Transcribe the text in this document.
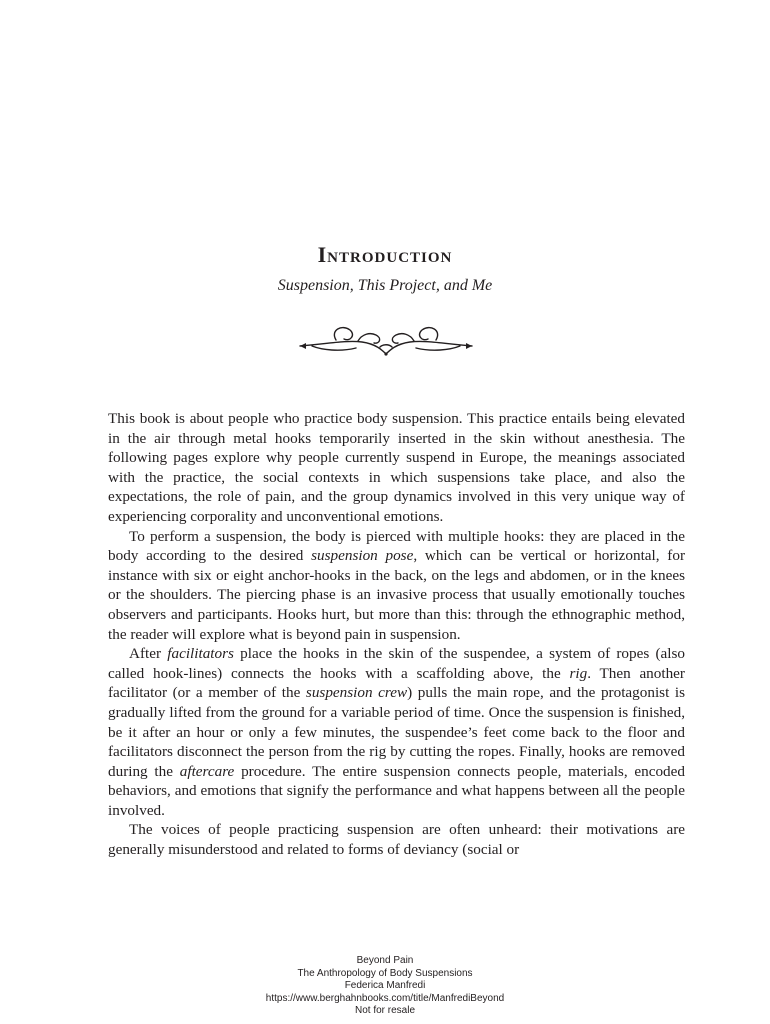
Introduction
Suspension, This Project, and Me

This book is about people who practice body suspension. This practice entails being elevated in the air through metal hooks temporarily inserted in the skin without anesthesia. The following pages explore why people currently suspend in Europe, the meanings associated with the practice, the social contexts in which suspensions take place, and also the expectations, the role of pain, and the group dynamics involved in this very unique way of experiencing corporality and unconventional emotions.

To perform a suspension, the body is pierced with multiple hooks: they are placed in the body according to the desired suspension pose, which can be vertical or horizontal, for instance with six or eight anchor-hooks in the back, on the legs and abdomen, or in the knees or the shoulders. The piercing phase is an invasive process that usually emotionally touches observers and participants. Hooks hurt, but more than this: through the ethnographic method, the reader will explore what is beyond pain in suspension.

After facilitators place the hooks in the skin of the suspendee, a system of ropes (also called hook-lines) connects the hooks with a scaffolding above, the rig. Then another facilitator (or a member of the suspension crew) pulls the main rope, and the protagonist is gradually lifted from the ground for a variable period of time. Once the suspension is finished, be it after an hour or only a few minutes, the suspendee’s feet come back to the floor and facilitators disconnect the person from the rig by cutting the ropes. Finally, hooks are removed during the aftercare procedure. The entire suspension connects people, materials, encoded behaviors, and emotions that signify the performance and what happens between all the people involved.

The voices of people practicing suspension are often unheard: their motivations are generally misunderstood and related to forms of deviancy (social or

Beyond Pain
The Anthropology of Body Suspensions
Federica Manfredi
https://www.berghahnbooks.com/title/ManfrediBeyond
Not for resale
